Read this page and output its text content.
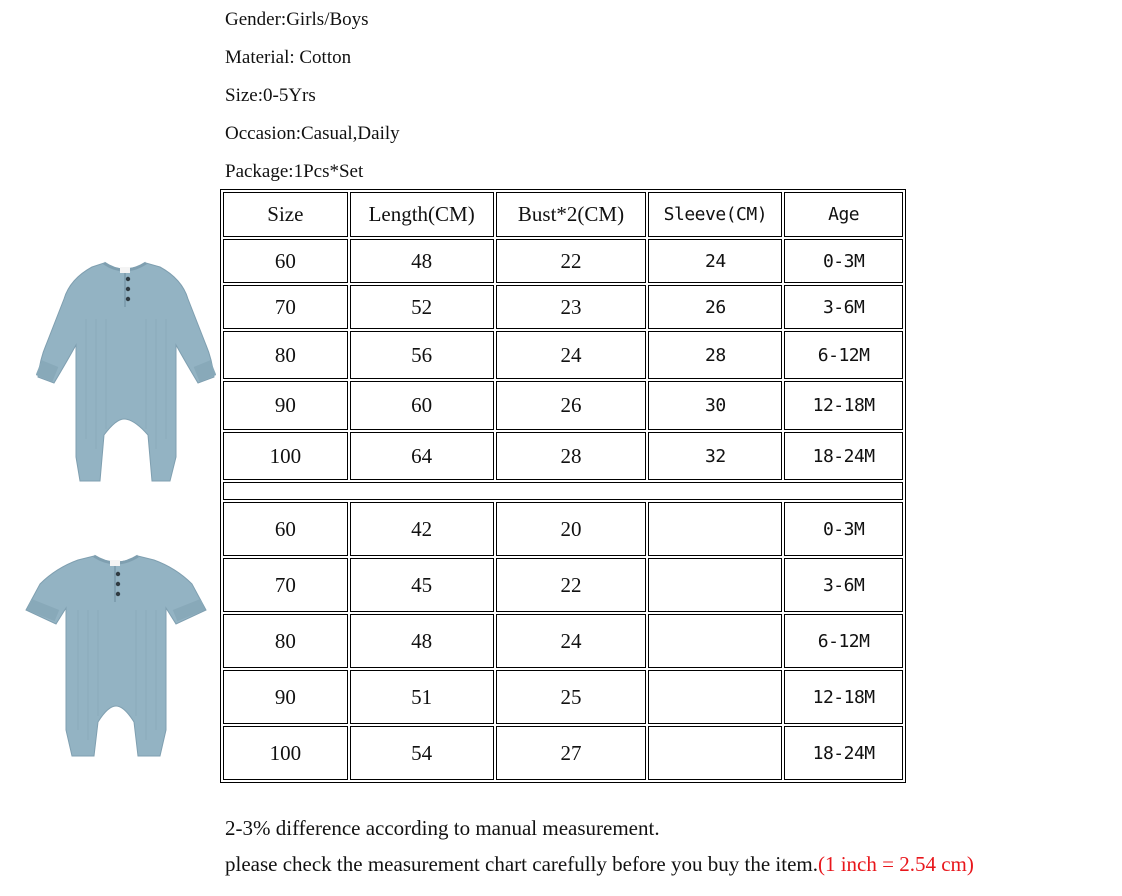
Gender:Girls/Boys
Material: Cotton
Size:0-5Yrs
Occasion:Casual,Daily
Package:1Pcs*Set
Size	Length(CM)	Bust*2(CM)	Sleeve(CM)	Age
60	48	22	24	0-3M
70	52	23	26	3-6M
80	56	24	28	6-12M
90	60	26	30	12-18M
100	64	28	32	18-24M

60	42	20		0-3M
70	45	22		3-6M
80	48	24		6-12M
90	51	25		12-18M
100	54	27		18-24M
2-3% difference according to manual measurement.
please check the measurement chart carefully before you buy the item.(1 inch = 2.54 cm)
